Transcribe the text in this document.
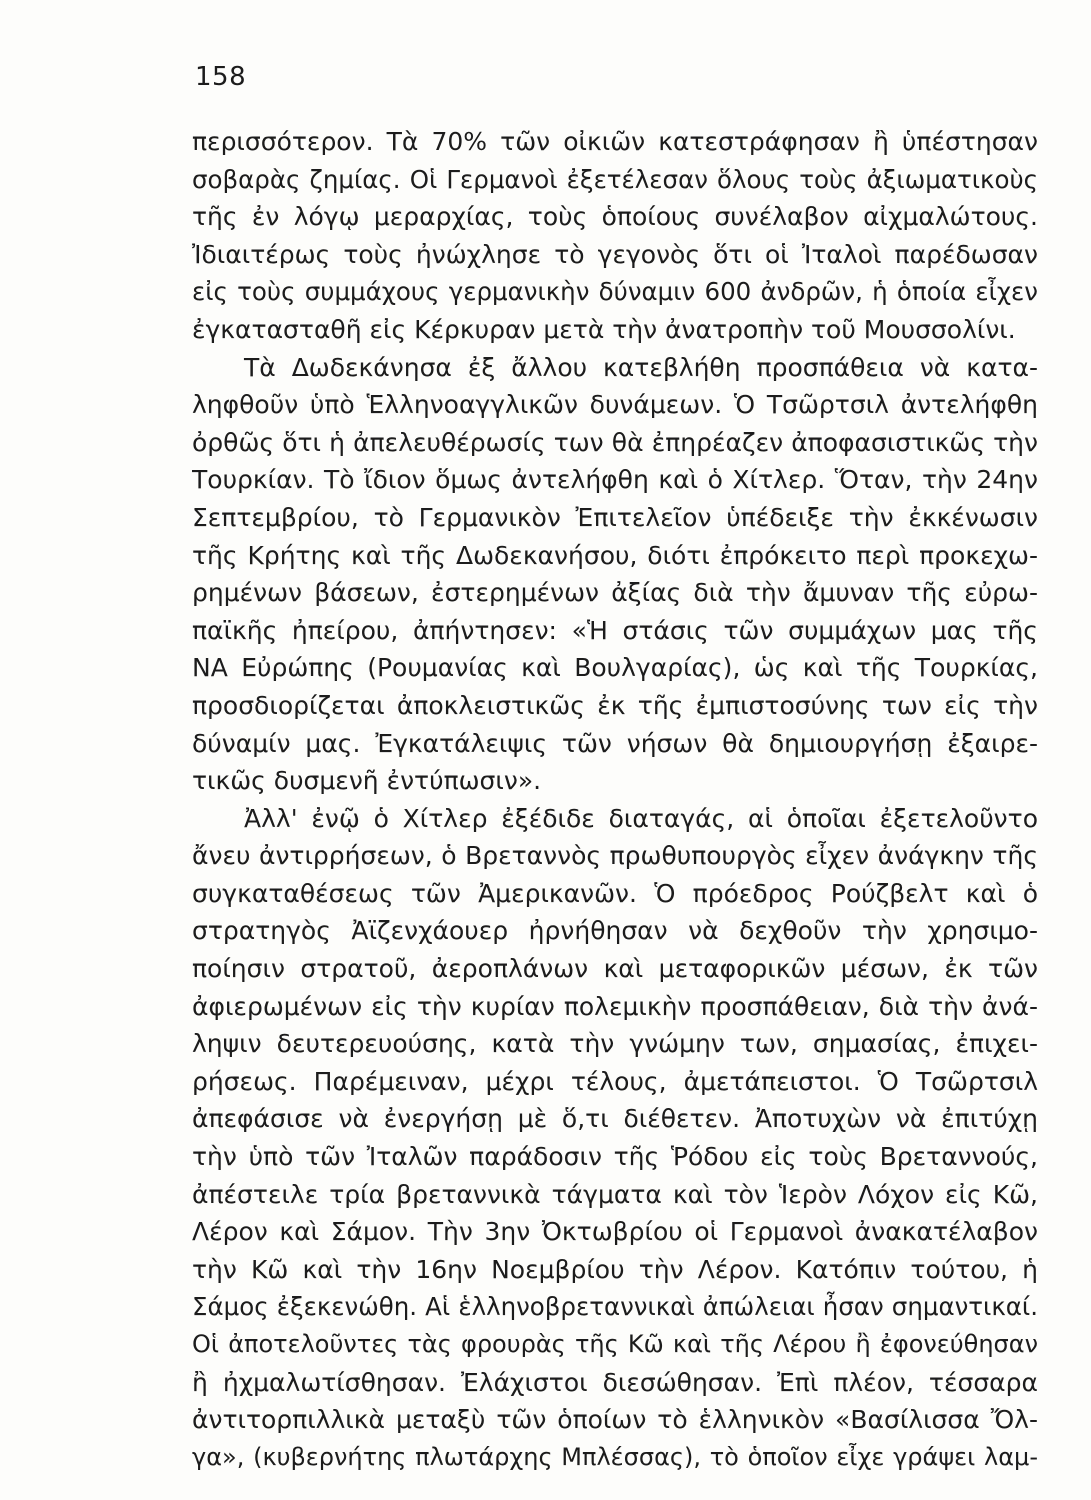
158
περισσότερον. Τὰ 70% τῶν οἰκιῶν κατεστράφησαν ἢ ὑπέστησαν
σοβαρὰς ζημίας. Οἱ Γερμανοὶ ἐξετέλεσαν ὅλους τοὺς ἀξιωματικοὺς
τῆς ἐν λόγῳ μεραρχίας, τοὺς ὁποίους συνέλαβον αἰχμαλώτους.
Ἰδιαιτέρως τοὺς ἠνώχλησε τὸ γεγονὸς ὅτι οἱ Ἰταλοὶ παρέδωσαν
εἰς τοὺς συμμάχους γερμανικὴν δύναμιν 600 ἀνδρῶν, ἡ ὁποία εἶχεν
ἐγκατασταθῆ εἰς Κέρκυραν μετὰ τὴν ἀνατροπὴν τοῦ Μουσσολίνι.
Τὰ Δωδεκάνησα ἐξ ἄλλου κατεβλήθη προσπάθεια νὰ κατα-
ληφθοῦν ὑπὸ Ἑλληνοαγγλικῶν δυνάμεων. Ὁ Τσῶρτσιλ ἀντελήφθη
ὀρθῶς ὅτι ἡ ἀπελευθέρωσίς των θὰ ἐπηρέαζεν ἀποφασιστικῶς τὴν
Τουρκίαν. Τὸ ἴδιον ὅμως ἀντελήφθη καὶ ὁ Χίτλερ. Ὅταν, τὴν 24ην
Σεπτεμβρίου, τὸ Γερμανικὸν Ἐπιτελεῖον ὑπέδειξε τὴν ἐκκένωσιν
τῆς Κρήτης καὶ τῆς Δωδεκανήσου, διότι ἐπρόκειτο περὶ προκεχω-
ρημένων βάσεων, ἐστερημένων ἀξίας διὰ τὴν ἄμυναν τῆς εὐρω-
παϊκῆς ἠπείρου, ἀπήντησεν: «Ἡ στάσις τῶν συμμάχων μας τῆς
ΝΑ Εὐρώπης (Ρουμανίας καὶ Βουλγαρίας), ὡς καὶ τῆς Τουρκίας,
προσδιορίζεται ἀποκλειστικῶς ἐκ τῆς ἐμπιστοσύνης των εἰς τὴν
δύναμίν μας. Ἐγκατάλειψις τῶν νήσων θὰ δημιουργήσῃ ἐξαιρε-
τικῶς δυσμενῆ ἐντύπωσιν».
Ἀλλ' ἐνῷ ὁ Χίτλερ ἐξέδιδε διαταγάς, αἱ ὁποῖαι ἐξετελοῦντο
ἄνευ ἀντιρρήσεων, ὁ Βρεταννὸς πρωθυπουργὸς εἶχεν ἀνάγκην τῆς
συγκαταθέσεως τῶν Ἀμερικανῶν. Ὁ πρόεδρος Ρούζβελτ καὶ ὁ
στρατηγὸς Ἀϊζενχάουερ ἠρνήθησαν νὰ δεχθοῦν τὴν χρησιμο-
ποίησιν στρατοῦ, ἀεροπλάνων καὶ μεταφορικῶν μέσων, ἐκ τῶν
ἀφιερωμένων εἰς τὴν κυρίαν πολεμικὴν προσπάθειαν, διὰ τὴν ἀνά-
ληψιν δευτερευούσης, κατὰ τὴν γνώμην των, σημασίας, ἐπιχει-
ρήσεως. Παρέμειναν, μέχρι τέλους, ἀμετάπειστοι. Ὁ Τσῶρτσιλ
ἀπεφάσισε νὰ ἐνεργήσῃ μὲ ὅ,τι διέθετεν. Ἀποτυχὼν νὰ ἐπιτύχῃ
τὴν ὑπὸ τῶν Ἰταλῶν παράδοσιν τῆς Ῥόδου εἰς τοὺς Βρεταννούς,
ἀπέστειλε τρία βρεταννικὰ τάγματα καὶ τὸν Ἱερὸν Λόχον εἰς Κῶ,
Λέρον καὶ Σάμον. Τὴν 3ην Ὀκτωβρίου οἱ Γερμανοὶ ἀνακατέλαβον
τὴν Κῶ καὶ τὴν 16ην Νοεμβρίου τὴν Λέρον. Κατόπιν τούτου, ἡ
Σάμος ἐξεκενώθη. Αἱ ἑλληνοβρεταννικαὶ ἀπώλειαι ἦσαν σημαντικαί.
Οἱ ἀποτελοῦντες τὰς φρουρὰς τῆς Κῶ καὶ τῆς Λέρου ἢ ἐφονεύθησαν
ἢ ἠχμαλωτίσθησαν. Ἐλάχιστοι διεσώθησαν. Ἐπὶ πλέον, τέσσαρα
ἀντιτορπιλλικὰ μεταξὺ τῶν ὁποίων τὸ ἑλληνικὸν «Βασίλισσα Ὄλ-
γα», (κυβερνήτης πλωτάρχης Μπλέσσας), τὸ ὁποῖον εἶχε γράψει λαμ-
